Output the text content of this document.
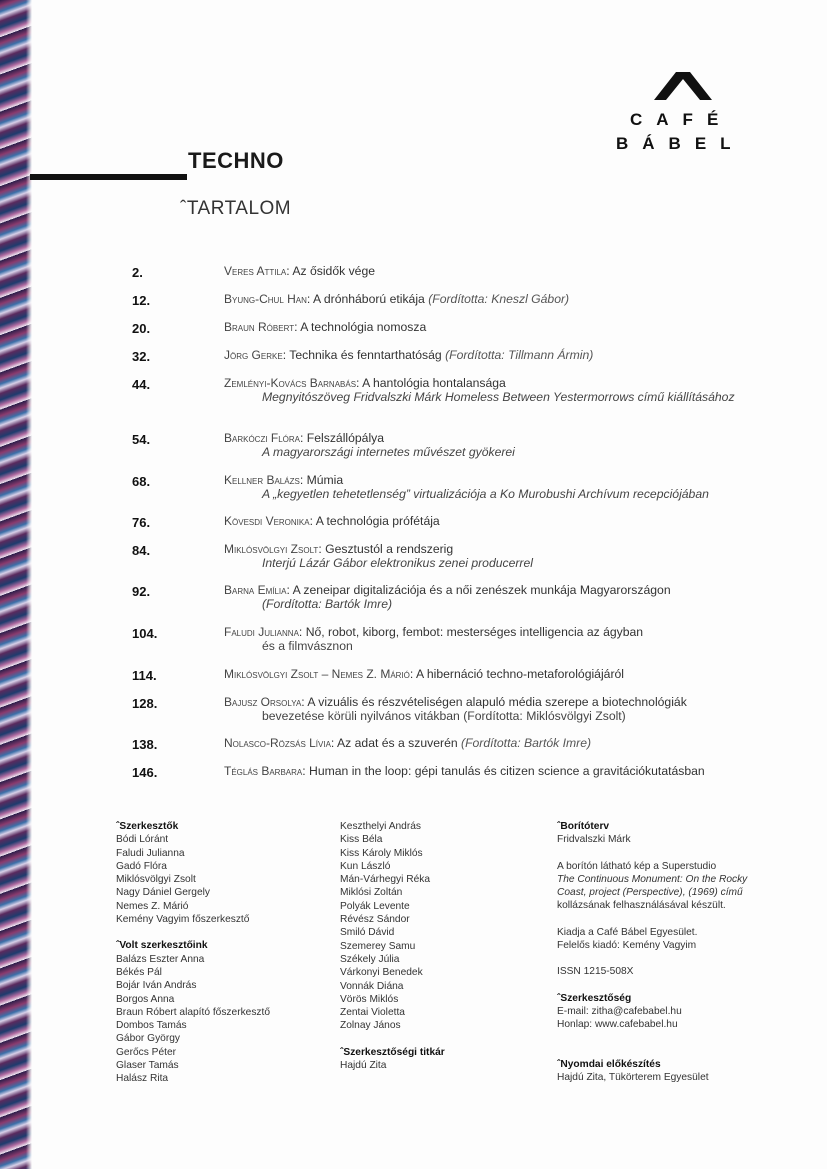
CAFÉ
BÁBEL
TECHNO
ˆTARTALOM
2.	Veres Attila: Az ősidők vége
12.	Byung-Chul Han: A drónháború etikája (Fordította: Kneszl Gábor)
20.	Braun Róbert: A technológia nomosza
32.	Jörg Gerke: Technika és fenntarthatóság (Fordította: Tillmann Ármin)
44.	Zemlényi-Kovács Barnabás: A hantológia hontalansága
Megnyitószöveg Fridvalszki Márk Homeless Between Yestermorrows című kiállításához
54.	Barkóczi Flóra: Felszállópálya
A magyarországi internetes művészet gyökerei
68.	Kellner Balázs: Múmia
A „kegyetlen tehetetlenség” virtualizációja a Ko Murobushi Archívum recepciójában
76.	Kövesdi Veronika: A technológia prófétája
84.	Miklósvölgyi Zsolt: Gesztustól a rendszerig
Interjú Lázár Gábor elektronikus zenei producerrel
92.	Barna Emília: A zeneipar digitalizációja és a női zenészek munkája Magyarországon
(Fordította: Bartók Imre)
104.	Faludi Julianna: Nő, robot, kiborg, fembot: mesterséges intelligencia az ágyban
és a filmvásznon
114.	Miklósvölgyi Zsolt – Nemes Z. Márió: A hibernáció techno-metaforológiájáról
128.	Bajusz Orsolya: A vizuális és részvételiségen alapuló média szerepe a biotechnológiák
bevezetése körüli nyilvános vitákban (Fordította: Miklósvölgyi Zsolt)
138.	Nolasco-Rözsás Lívia: Az adat és a szuverén (Fordította: Bartók Imre)
146.	Téglás Barbara: Human in the loop: gépi tanulás és citizen science a gravitációkutatásban
ˆSzerkesztők
Bódi Lóránt
Faludi Julianna
Gadó Flóra
Miklósvölgyi Zsolt
Nagy Dániel Gergely
Nemes Z. Márió
Kemény Vagyim főszerkesztő
ˆVolt szerkesztőink
Balázs Eszter Anna
Békés Pál
Bojár Iván András
Borgos Anna
Braun Róbert alapító főszerkesztő
Dombos Tamás
Gábor György
Gerőcs Péter
Glaser Tamás
Halász Rita
Keszthelyi András
Kiss Béla
Kiss Károly Miklós
Kun László
Mán-Várhegyi Réka
Miklósi Zoltán
Polyák Levente
Révész Sándor
Smiló Dávid
Szemerey Samu
Székely Júlia
Várkonyi Benedek
Vonnák Diána
Vörös Miklós
Zentai Violetta
Zolnay János
ˆSzerkesztőségi titkár
Hajdú Zita
ˆBorítóterv
Fridvalszki Márk
A borítón látható kép a Superstudio
The Continuous Monument: On the Rocky
Coast, project (Perspective), (1969) című
kollázsának felhasználásával készült.
Kiadja a Café Bábel Egyesület.
Felelős kiadó: Kemény Vagyim
ISSN 1215-508X
ˆSzerkesztőség
E-mail: zitha@cafebabel.hu
Honlap: www.cafebabel.hu
ˆNyomdai előkészítés
Hajdú Zita, Tükörterem Egyesület
